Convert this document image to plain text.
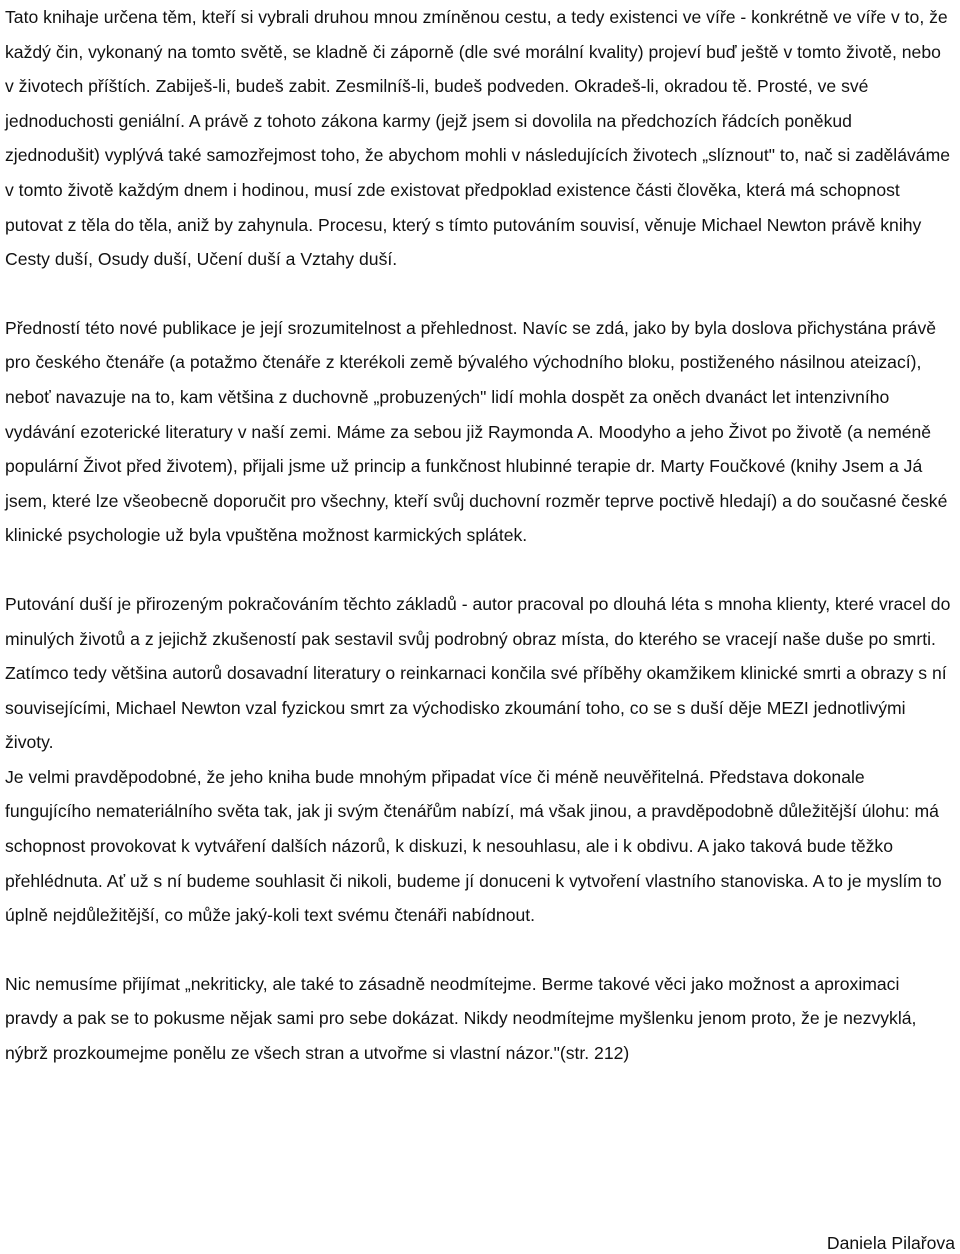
Tato knihaje určena těm, kteří si vybrali druhou mnou zmíněnou cestu, a tedy existenci ve víře - konkrétně ve víře v to, že každý čin, vykonaný na tomto světě, se kladně či záporně (dle své morální kvality) projeví buď ještě v tomto životě, nebo v životech příštích. Zabiješ-li, budeš zabit. Zesmilníš-li, budeš podveden. Okradeš-li, okradou tě. Prosté, ve své jednoduchosti geniální. A právě z tohoto zákona karmy (jejž jsem si dovolila na předchozích řádcích poněkud zjednodušit) vyplývá také samozřejmost toho, že abychom mohli v následujících životech „slíznout" to, nač si zaděláváme v tomto životě každým dnem i hodinou, musí zde existovat předpoklad existence části člověka, která má schopnost putovat z těla do těla, aniž by zahynula. Procesu, který s tímto putováním souvisí, věnuje Michael Newton právě knihy Cesty duší, Osudy duší, Učení duší a Vztahy duší.

Předností této nové publikace je její srozumitelnost a přehlednost. Navíc se zdá, jako by byla doslova přichystána právě pro českého čtenáře (a potažmo čtenáře z kterékoli země bývalého východního bloku, postiženého násilnou ateizací), neboť navazuje na to, kam většina z duchovně „probuzených" lidí mohla dospět za oněch dvanáct let intenzivního vydávání ezoterické literatury v naší zemi. Máme za sebou již Raymonda A. Moodyho a jeho Život po životě (a neméně populární Život před životem), přijali jsme už princip a funkčnost hlubinné terapie dr. Marty Foučkové (knihy Jsem a Já jsem, které lze všeobecně doporučit pro všechny, kteří svůj duchovní rozměr teprve poctivě hledají) a do současné české klinické psychologie už byla vpuštěna možnost karmických splátek.

Putování duší je přirozeným pokračováním těchto základů - autor pracoval po dlouhá léta s mnoha klienty, které vracel do minulých životů a z jejichž zkušeností pak sestavil svůj podrobný obraz místa, do kterého se vracejí naše duše po smrti. Zatímco tedy většina autorů dosavadní literatury o reinkarnaci končila své příběhy okamžikem klinické smrti a obrazy s ní souvisejícími, Michael Newton vzal fyzickou smrt za východisko zkoumání toho, co se s duší děje MEZI jednotlivými životy.

Je velmi pravděpodobné, že jeho kniha bude mnohým připadat více či méně neuvěřitelná. Představa dokonale fungujícího nemateriálního světa tak, jak ji svým čtenářům nabízí, má však jinou, a pravděpodobně důležitější úlohu: má schopnost provokovat k vytváření dalších názorů, k diskuzi, k nesouhlasu, ale i k obdivu. A jako taková bude těžko přehlédnuta. Ať už s ní budeme souhlasit či nikoli, budeme jí donuceni k vytvoření vlastního stanoviska. A to je myslím to úplně nejdůležitější, co může jaký-koli text svému čtenáři nabídnout.

Nic nemusíme přijímat „nekriticky, ale také to zásadně neodmítejme. Berme takové věci jako možnost a aproximaci pravdy a pak se to pokusme nějak sami pro sebe dokázat. Nikdy neodmítejme myšlenku jenom proto, že je nezvyklá, nýbrž prozkoumejme ponělu ze všech stran a utvořme si vlastní názor."(str. 212)

Daniela Pilařova
